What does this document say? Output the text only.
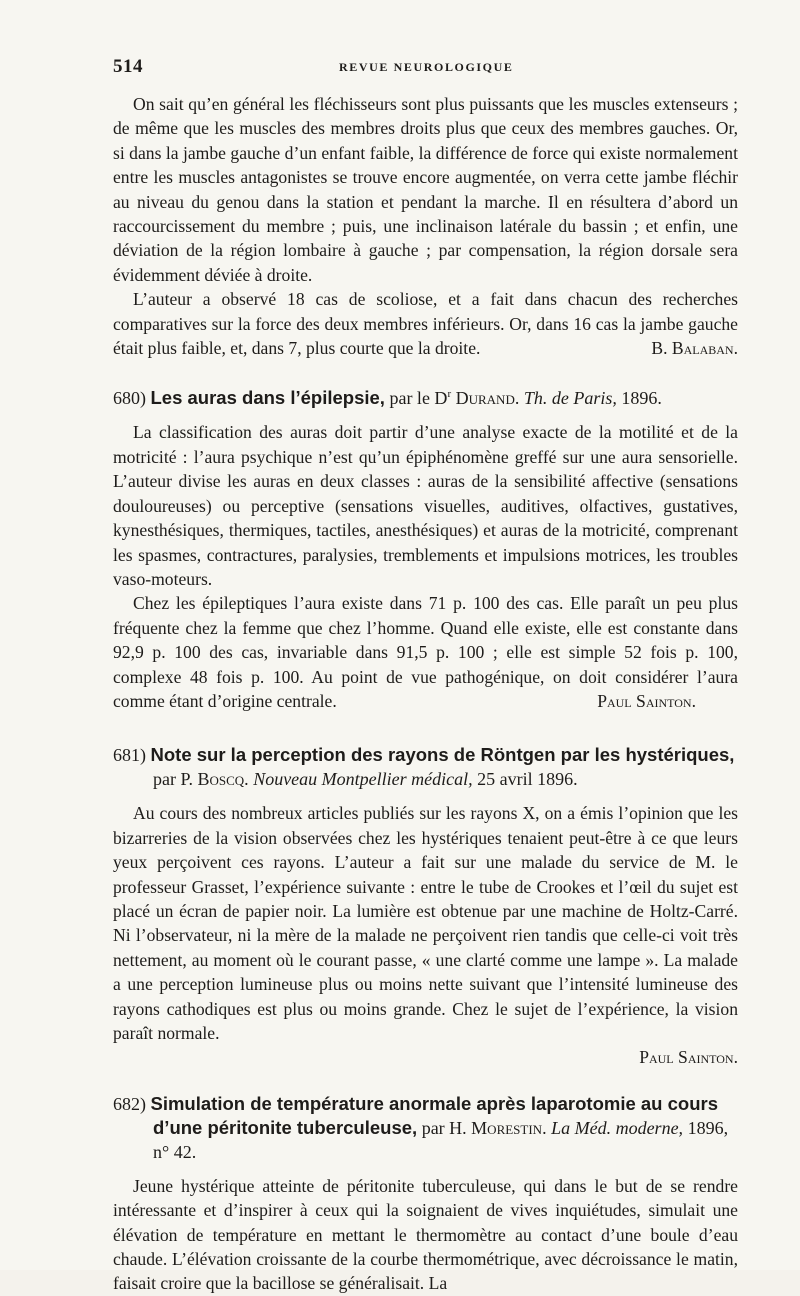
514	REVUE NEUROLOGIQUE

On sait qu’en général les fléchisseurs sont plus puissants que les muscles extenseurs ; de même que les muscles des membres droits plus que ceux des membres gauches. Or, si dans la jambe gauche d’un enfant faible, la différence de force qui existe normalement entre les muscles antagonistes se trouve encore augmentée, on verra cette jambe fléchir au niveau du genou dans la station et pendant la marche. Il en résultera d’abord un raccourcissement du membre ; puis, une inclinaison latérale du bassin ; et enfin, une déviation de la région lombaire à gauche ; par compensation, la région dorsale sera évidemment déviée à droite.

L’auteur a observé 18 cas de scoliose, et a fait dans chacun des recherches comparatives sur la force des deux membres inférieurs. Or, dans 16 cas la jambe gauche était plus faible, et, dans 7, plus courte que la droite.	B. Balaban.

680) Les auras dans l’épilepsie, par le $D^r$ Durand. Th. de Paris, 1896.

La classification des auras doit partir d’une analyse exacte de la motilité et de la motricité : l’aura psychique n’est qu’un épiphénomène greffé sur une aura sensorielle. L’auteur divise les auras en deux classes : auras de la sensibilité affective (sensations douloureuses) ou perceptive (sensations visuelles, auditives, olfactives, gustatives, kynesthésiques, thermiques, tactiles, anesthésiques) et auras de la motricité, comprenant les spasmes, contractures, paralysies, tremblements et impulsions motrices, les troubles vaso-moteurs.

Chez les épileptiques l’aura existe dans 71 p. 100 des cas. Elle paraît un peu plus fréquente chez la femme que chez l’homme. Quand elle existe, elle est constante dans 92,9 p. 100 des cas, invariable dans 91,5 p. 100 ; elle est simple 52 fois p. 100, complexe 48 fois p. 100. Au point de vue pathogénique, on doit considérer l’aura comme étant d’origine centrale.	Paul Sainton.

681) Note sur la perception des rayons de Röntgen par les hystériques, par P. Boscq. Nouveau Montpellier médical, 25 avril 1896.

Au cours des nombreux articles publiés sur les rayons X, on a émis l’opinion que les bizarreries de la vision observées chez les hystériques tenaient peut-être à ce que leurs yeux perçoivent ces rayons. L’auteur a fait sur une malade du service de M. le professeur Grasset, l’expérience suivante : entre le tube de Crookes et l’œil du sujet est placé un écran de papier noir. La lumière est obtenue par une machine de Holtz-Carré. Ni l’observateur, ni la mère de la malade ne perçoivent rien tandis que celle-ci voit très nettement, au moment où le courant passe, « une clarté comme une lampe ». La malade a une perception lumineuse plus ou moins nette suivant que l’intensité lumineuse des rayons cathodiques est plus ou moins grande. Chez le sujet de l’expérience, la vision paraît normale.

Paul Sainton.
682) Simulation de température anormale après laparotomie au cours d’une péritonite tuberculeuse, par H. Morestin. La Méd. moderne, 1896, n° 42.

Jeune hystérique atteinte de péritonite tuberculeuse, qui dans le but de se rendre intéressante et d’inspirer à ceux qui la soignaient de vives inquiétudes, simulait une élévation de température en mettant le thermomètre au contact d’une boule d’eau chaude. L’élévation croissante de la courbe thermométrique, avec décroissance le matin, faisait croire que la bacillose se généralisait. La
